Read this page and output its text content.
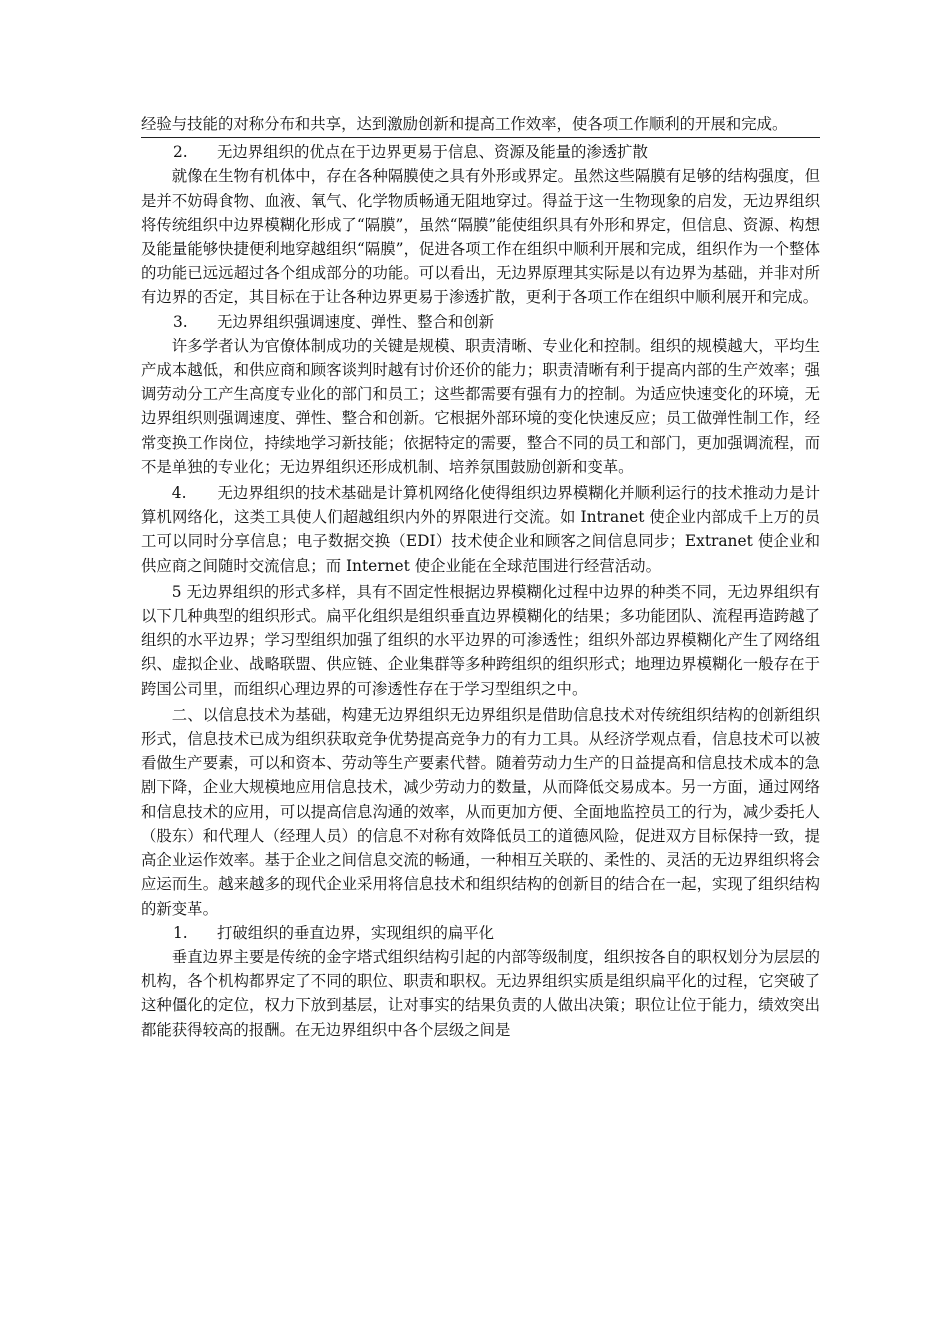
经验与技能的对称分布和共享，达到激励创新和提高工作效率，使各项工作顺利的开展和完成。

2. 无边界组织的优点在于边界更易于信息、资源及能量的渗透扩散

就像在生物有机体中，存在各种隔膜使之具有外形或界定。虽然这些隔膜有足够的结构强度，但是并不妨碍食物、血液、氧气、化学物质畅通无阻地穿过。得益于这一生物现象的启发，无边界组织将传统组织中边界模糊化形成了“隔膜”，虽然“隔膜”能使组织具有外形和界定，但信息、资源、构想及能量能够快捷便利地穿越组织“隔膜”，促进各项工作在组织中顺利开展和完成，组织作为一个整体的功能已远远超过各个组成部分的功能。可以看出，无边界原理其实际是以有边界为基础，并非对所有边界的否定，其目标在于让各种边界更易于渗透扩散，更利于各项工作在组织中顺利展开和完成。

3. 无边界组织强调速度、弹性、整合和创新

许多学者认为官僚体制成功的关键是规模、职责清晰、专业化和控制。组织的规模越大，平均生产成本越低，和供应商和顾客谈判时越有讨价还价的能力；职责清晰有利于提高内部的生产效率；强调劳动分工产生高度专业化的部门和员工；这些都需要有强有力的控制。为适应快速变化的环境，无边界组织则强调速度、弹性、整合和创新。它根据外部环境的变化快速反应；员工做弹性制工作，经常变换工作岗位，持续地学习新技能；依据特定的需要，整合不同的员工和部门，更加强调流程，而不是单独的专业化；无边界组织还形成机制、培养氛围鼓励创新和变革。

4.　　无边界组织的技术基础是计算机网络化使得组织边界模糊化并顺利运行的技术推动力是计算机网络化，这类工具使人们超越组织内外的界限进行交流。如 Intranet 使企业内部成千上万的员工可以同时分享信息；电子数据交换（EDI）技术使企业和顾客之间信息同步；Extranet 使企业和供应商之间随时交流信息；而 Internet 使企业能在全球范围进行经营活动。

5 无边界组织的形式多样，具有不固定性根据边界模糊化过程中边界的种类不同，无边界组织有以下几种典型的组织形式。扁平化组织是组织垂直边界模糊化的结果；多功能团队、流程再造跨越了组织的水平边界；学习型组织加强了组织的水平边界的可渗透性；组织外部边界模糊化产生了网络组织、虚拟企业、战略联盟、供应链、企业集群等多种跨组织的组织形式；地理边界模糊化一般存在于跨国公司里，而组织心理边界的可渗透性存在于学习型组织之中。

二、以信息技术为基础，构建无边界组织无边界组织是借助信息技术对传统组织结构的创新组织形式，信息技术已成为组织获取竞争优势提高竞争力的有力工具。从经济学观点看，信息技术可以被看做生产要素，可以和资本、劳动等生产要素代替。随着劳动力生产的日益提高和信息技术成本的急剧下降，企业大规模地应用信息技术，减少劳动力的数量，从而降低交易成本。另一方面，通过网络和信息技术的应用，可以提高信息沟通的效率，从而更加方便、全面地监控员工的行为，减少委托人（股东）和代理人（经理人员）的信息不对称有效降低员工的道德风险，促进双方目标保持一致，提高企业运作效率。基于企业之间信息交流的畅通，一种相互关联的、柔性的、灵活的无边界组织将会应运而生。越来越多的现代企业采用将信息技术和组织结构的创新目的结合在一起，实现了组织结构的新变革。

1. 打破组织的垂直边界，实现组织的扁平化

垂直边界主要是传统的金字塔式组织结构引起的内部等级制度，组织按各自的职权划分为层层的机构，各个机构都界定了不同的职位、职责和职权。无边界组织实质是组织扁平化的过程，它突破了这种僵化的定位，权力下放到基层，让对事实的结果负责的人做出决策；职位让位于能力，绩效突出都能获得较高的报酬。在无边界组织中各个层级之间是
